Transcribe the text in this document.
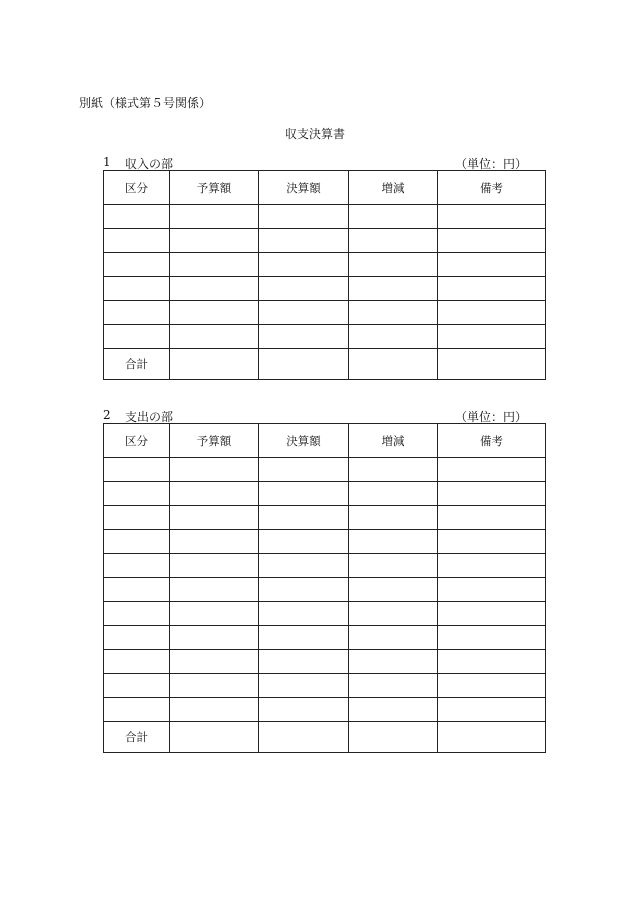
別紙（様式第５号関係）
収支決算書
1 収入の部	（単位：円）
区分	予算額	決算額	増減	備考

合計				
2 支出の部	（単位：円）
区分	予算額	決算額	増減	備考

合計				
